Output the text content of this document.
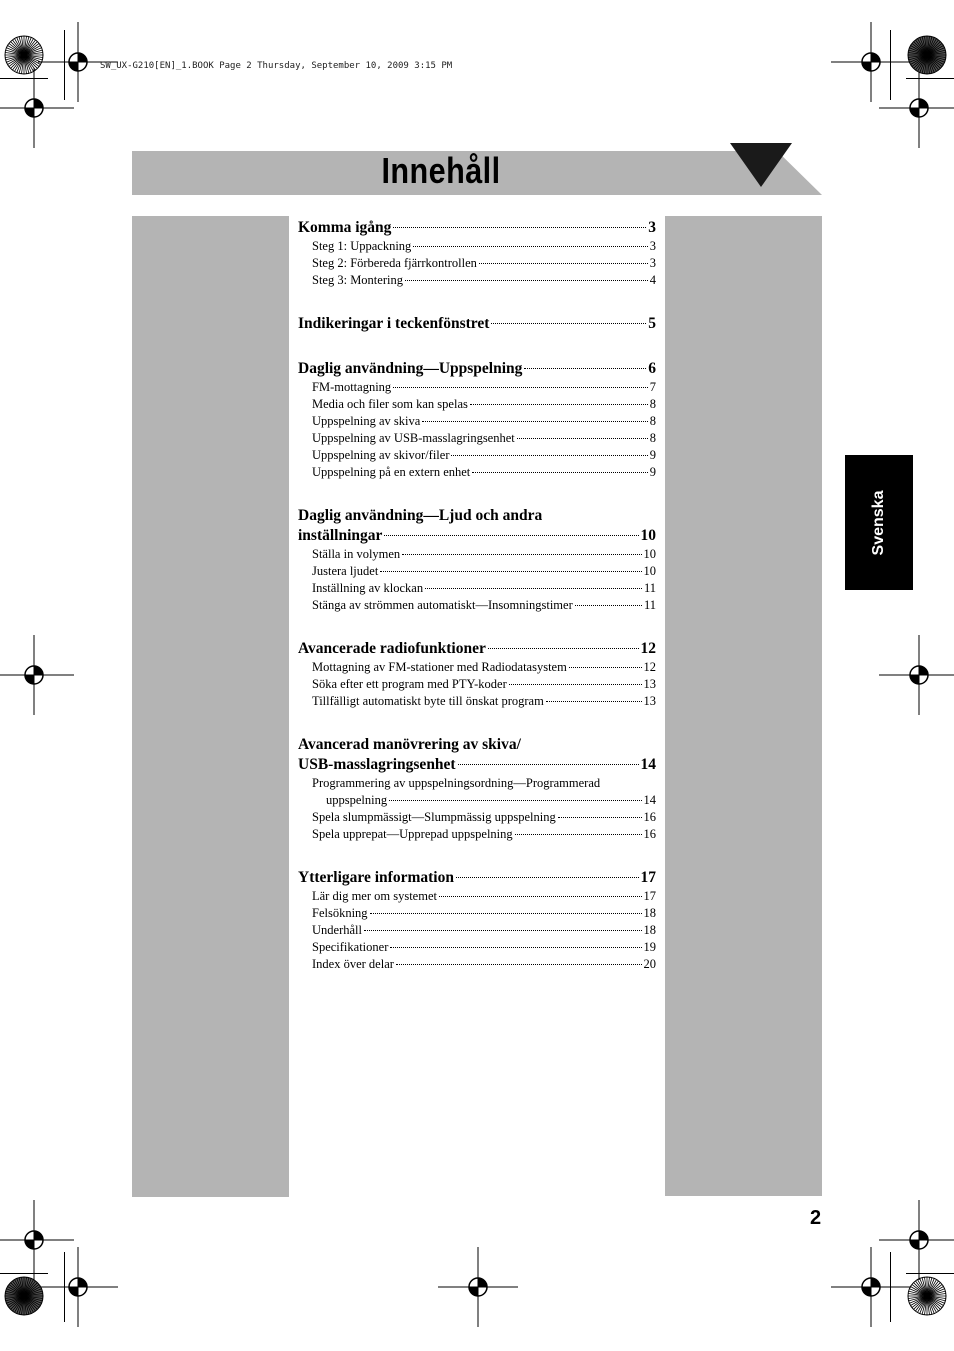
SW_UX-G210[EN]_1.BOOK Page 2 Thursday, September 10, 2009 3:15 PM
Innehåll
Svenska
Komma igång	3
Steg 1: Uppackning	3
Steg 2: Förbereda fjärrkontrollen	3
Steg 3: Montering	4
Indikeringar i teckenfönstret	5
Daglig användning—Uppspelning	6
FM-mottagning	7
Media och filer som kan spelas	8
Uppspelning av skiva	8
Uppspelning av USB-masslagringsenhet	8
Uppspelning av skivor/filer	9
Uppspelning på en extern enhet	9
Daglig användning—Ljud och andra
inställningar	10
Ställa in volymen	10
Justera ljudet	10
Inställning av klockan	11
Stänga av strömmen automatiskt—Insomningstimer	11
Avancerade radiofunktioner	12
Mottagning av FM-stationer med Radiodatasystem	12
Söka efter ett program med PTY-koder	13
Tillfälligt automatiskt byte till önskat program	13
Avancerad manövrering av skiva/
USB-masslagringsenhet	14
Programmering av uppspelningsordning—Programmerad
uppspelning	14
Spela slumpmässigt—Slumpmässig uppspelning	16
Spela upprepat—Upprepad uppspelning	16
Ytterligare information	17
Lär dig mer om systemet	17
Felsökning	18
Underhåll	18
Specifikationer	19
Index över delar	20
2
